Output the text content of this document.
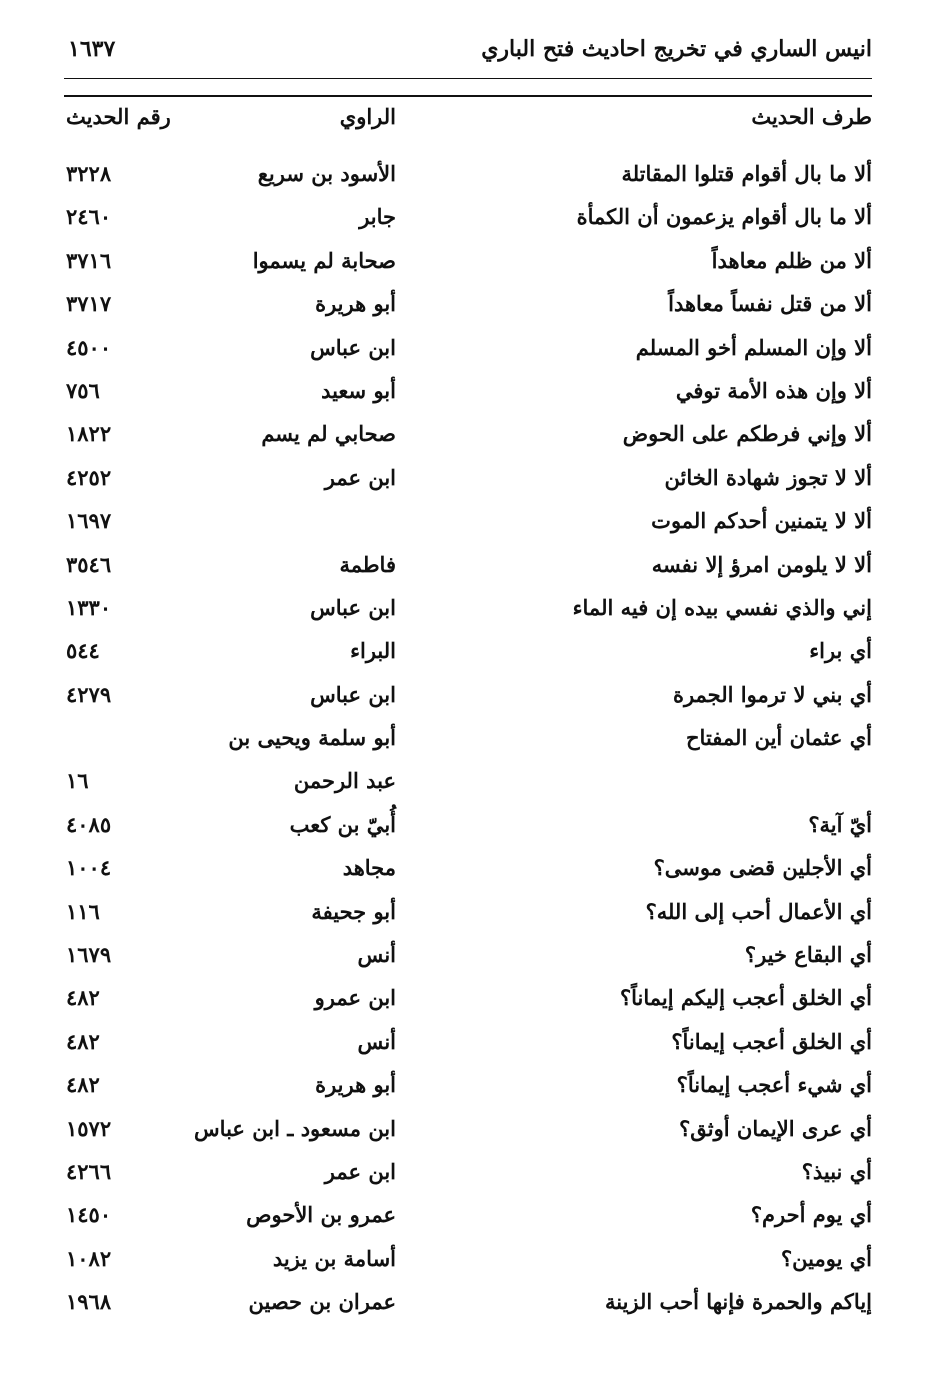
انيس الساري في تخريج احاديث فتح الباري
١٦٣٧
طرف الحديث
الراوي
رقم الحديث
ألا ما بال أقوام قتلوا المقاتلة
الأسود بن سريع
٣٢٢٨
ألا ما بال أقوام يزعمون أن الكمأة
جابر
٢٤٦٠
ألا من ظلم معاهداً
صحابة لم يسموا
٣٧١٦
ألا من قتل نفساً معاهداً
أبو هريرة
٣٧١٧
ألا وإن المسلم أخو المسلم
ابن عباس
٤٥٠٠
ألا وإن هذه الأمة توفي
أبو سعيد
٧٥٦
ألا وإني فرطكم على الحوض
صحابي لم يسم
١٨٢٢
ألا لا تجوز شهادة الخائن
ابن عمر
٤٢٥٢
ألا لا يتمنين أحدكم الموت
١٦٩٧
ألا لا يلومن امرؤ إلا نفسه
فاطمة
٣٥٤٦
إني والذي نفسي بيده إن فيه الماء
ابن عباس
١٣٣٠
أي براء
البراء
٥٤٤
أي بني لا ترموا الجمرة
ابن عباس
٤٢٧٩
أي عثمان أين المفتاح
أبو سلمة ويحيى بن
عبد الرحمن
١٦
أيّ آية؟
أُبيّ بن كعب
٤٠٨٥
أي الأجلين قضى موسى؟
مجاهد
١٠٠٤
أي الأعمال أحب إلى الله؟
أبو جحيفة
١١٦
أي البقاع خير؟
أنس
١٦٧٩
أي الخلق أعجب إليكم إيماناً؟
ابن عمرو
٤٨٢
أي الخلق أعجب إيماناً؟
أنس
٤٨٢
أي شيء أعجب إيماناً؟
أبو هريرة
٤٨٢
أي عرى الإيمان أوثق؟
ابن مسعود ـ ابن عباس
١٥٧٢
أي نبيذ؟
ابن عمر
٤٢٦٦
أي يوم أحرم؟
عمرو بن الأحوص
١٤٥٠
أي يومين؟
أسامة بن يزيد
١٠٨٢
إياكم والحمرة فإنها أحب الزينة
عمران بن حصين
١٩٦٨
